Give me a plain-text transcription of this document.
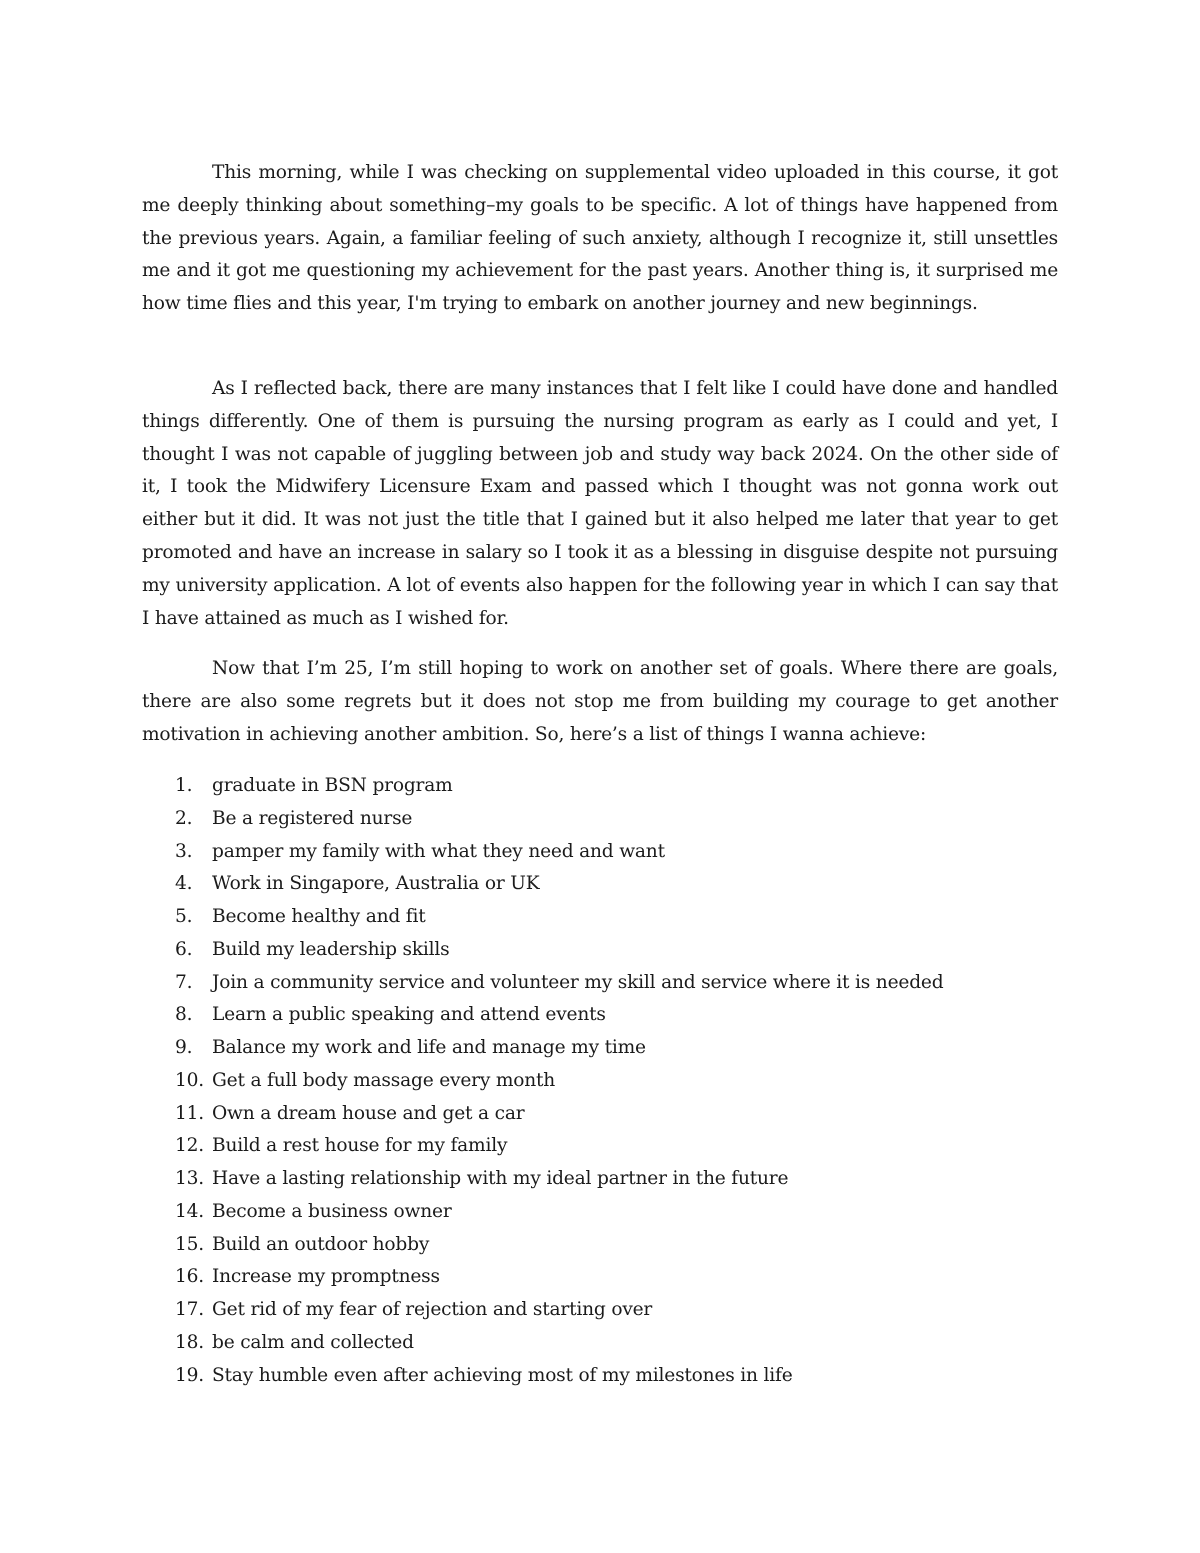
This morning, while I was checking on supplemental video uploaded in this course, it got me deeply thinking about something–my goals to be specific. A lot of things have happened from the previous years. Again, a familiar feeling of such anxiety, although I recognize it, still unsettles me and it got me questioning my achievement for the past years. Another thing is, it surprised me how time flies and this year, I'm trying to embark on another journey and new beginnings.

As I reflected back, there are many instances that I felt like I could have done and handled things differently. One of them is pursuing the nursing program as early as I could and yet, I thought I was not capable of juggling between job and study way back 2024. On the other side of it, I took the Midwifery Licensure Exam and passed which I thought was not gonna work out either but it did. It was not just the title that I gained but it also helped me later that year to get promoted and have an increase in salary so I took it as a blessing in disguise despite not pursuing my university application. A lot of events also happen for the following year in which I can say that I have attained as much as I wished for.

Now that I’m 25, I’m still hoping to work on another set of goals. Where there are goals, there are also some regrets but it does not stop me from building my courage to get another motivation in achieving another ambition. So, here’s a list of things I wanna achieve:

1.	graduate in BSN program
2.	Be a registered nurse
3.	pamper my family with what they need and want
4.	Work in Singapore, Australia or UK
5.	Become healthy and fit
6.	Build my leadership skills
7.	Join a community service and volunteer my skill and service where it is needed
8.	Learn a public speaking and attend events
9.	Balance my work and life and manage my time
10. Get a full body massage every month
11. Own a dream house and get a car
12. Build a rest house for my family
13. Have a lasting relationship with my ideal partner in the future
14. Become a business owner
15. Build an outdoor hobby
16. Increase my promptness
17. Get rid of my fear of rejection and starting over
18. be calm and collected
19. Stay humble even after achieving most of my milestones in life
